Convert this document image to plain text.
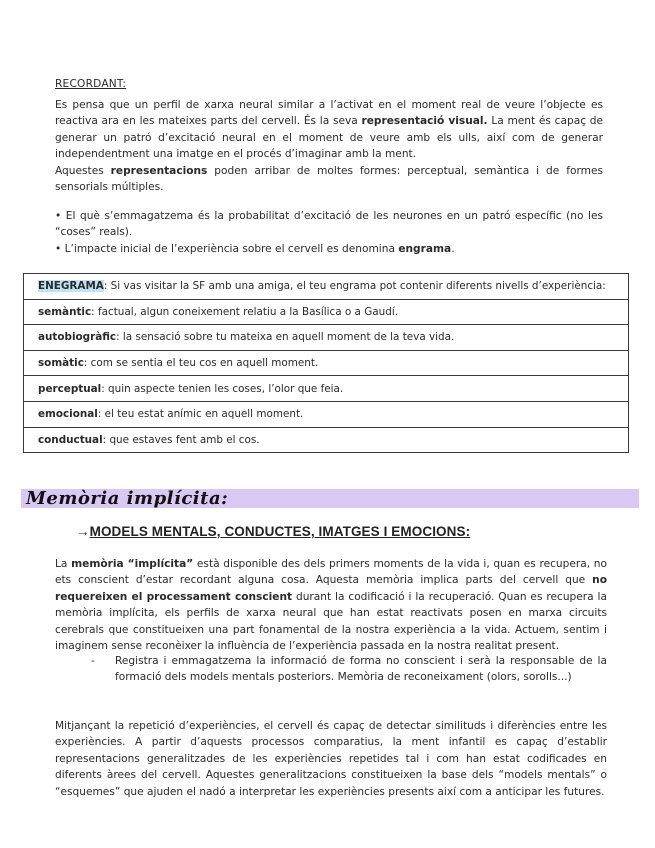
RECORDANT:

Es pensa que un perfil de xarxa neural similar a l’activat en el moment real de veure l’objecte es reactiva ara en les mateixes parts del cervell. És la seva representació visual. La ment és capaç de generar un patró d’excitació neural en el moment de veure amb els ulls, així com de generar independentment una imatge en el procés d’imaginar amb la ment.

Aquestes representacions poden arribar de moltes formes: perceptual, semàntica i de formes sensorials múltiples.

• El què s’emmagatzema és la probabilitat d’excitació de les neurones en un patró específic (no les “coses” reals).

• L’impacte inicial de l’experiència sobre el cervell es denomina engrama.

ENEGRAMA: Si vas visitar la SF amb una amiga, el teu engrama pot contenir diferents nivells d’experiència:
semàntic: factual, algun coneixement relatiu a la Basílica o a Gaudí.
autobiogràfic: la sensació sobre tu mateixa en aquell moment de la teva vida.
somàtic: com se sentia el teu cos en aquell moment.
perceptual: quin aspecte tenien les coses, l’olor que feia.
emocional: el teu estat anímic en aquell moment.
conductual: que estaves fent amb el cos.
Memòria implícita:
→MODELS MENTALS, CONDUCTES, IMATGES I EMOCIONS:

La memòria “implícita” està disponible des dels primers moments de la vida i, quan es recupera, no ets conscient d’estar recordant alguna cosa. Aquesta memòria implica parts del cervell que no requereixen el processament conscient durant la codificació i la recuperació. Quan es recupera la memòria implícita, els perfils de xarxa neural que han estat reactivats posen en marxa circuits cerebrals que constitueixen una part fonamental de la nostra experiència a la vida. Actuem, sentim i imaginem sense reconèixer la influència de l’experiència passada en la nostra realitat present.

- Registra i emmagatzema la informació de forma no conscient i serà la responsable de la formació dels models mentals posteriors. Memòria de reconeixament (olors, sorolls...)

Mitjançant la repetició d’experiències, el cervell és capaç de detectar similituds i diferències entre les experiències. A partir d’aquests processos comparatius, la ment infantil es capaç d’establir representacions generalitzades de les experiències repetides tal i com han estat codificades en diferents àrees del cervell. Aquestes generalitzacions constitueixen la base dels “models mentals” o “esquemes” que ajuden el nadó a interpretar les experiències presents així com a anticipar les futures.
